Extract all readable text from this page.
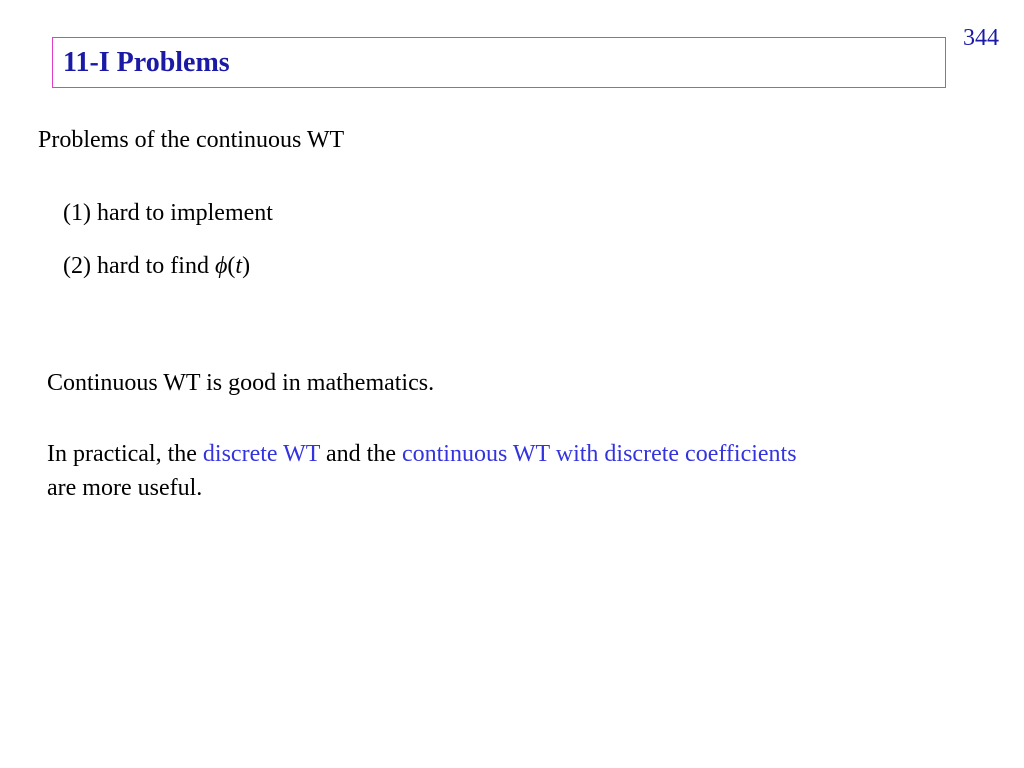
344
11-I Problems
Problems of the continuous WT
(1) hard to implement
(2) hard to find ϕ(t)
Continuous WT is good in mathematics.
In practical, the discrete WT and the continuous WT with discrete coefficients
are more useful.
